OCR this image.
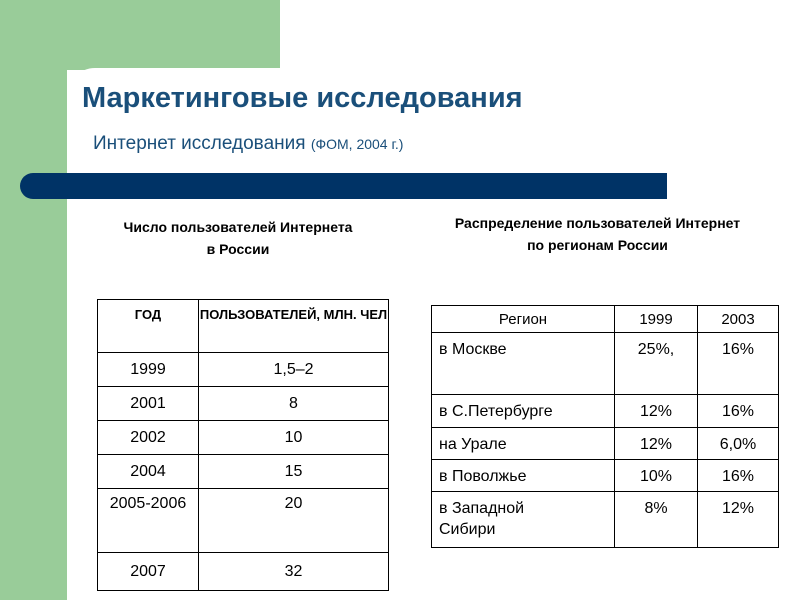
Маркетинговые исследования
Интернет исследования (ФОМ, 2004 г.)
Число пользователей Интернета
в России
Распределение пользователей Интернет
по регионам России
ГОД	ПОЛЬЗОВАТЕЛЕЙ, МЛН. ЧЕЛ
1999	1,5–2
2001	8
2002	10
2004	15
2005-2006	20
2007	32
Регион	1999	2003
в Москве	25%,	16%
в С.Петербурге	12%	16%
на Урале	12%	6,0%
в Поволжье	10%	16%
в Западной Сибири	8%	12%
